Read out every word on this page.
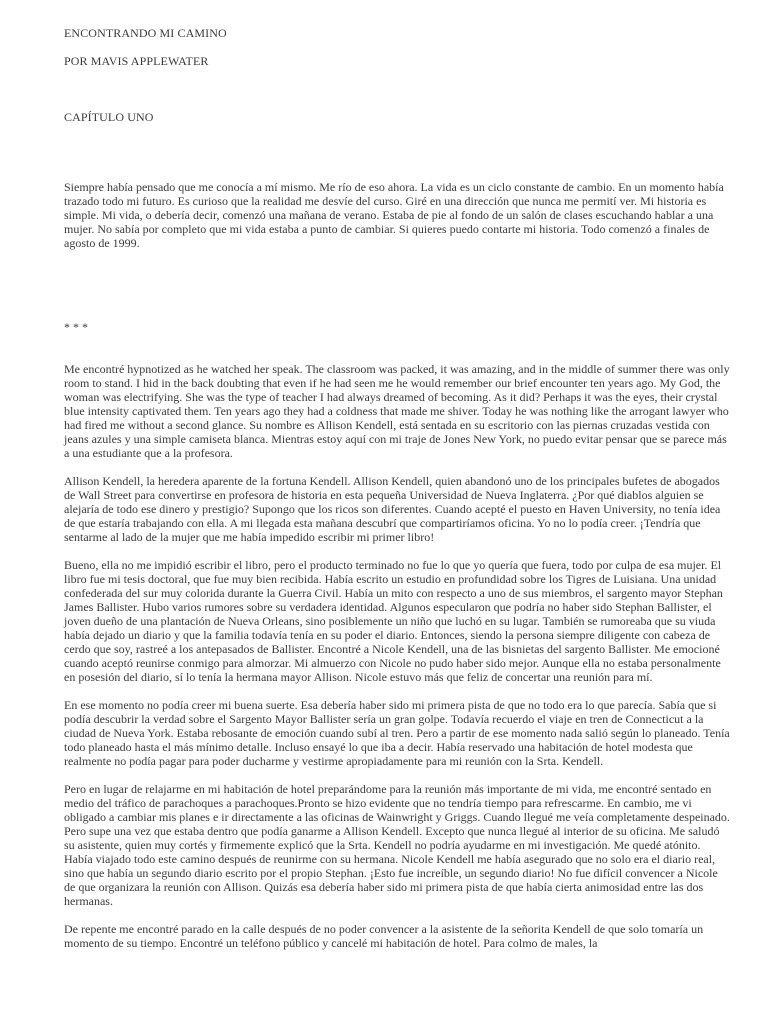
ENCONTRANDO MI CAMINO

POR MAVIS APPLEWATER

CAPÍTULO UNO

Siempre había pensado que me conocía a mí mismo. Me río de eso ahora. La vida es un ciclo constante de cambio. En un momento había trazado todo mi futuro. Es curioso que la realidad me desvíe del curso. Giré en una dirección que nunca me permití ver. Mi historia es simple. Mi vida, o debería decir, comenzó una mañana de verano. Estaba de pie al fondo de un salón de clases escuchando hablar a una mujer. No sabía por completo que mi vida estaba a punto de cambiar. Si quieres puedo contarte mi historia. Todo comenzó a finales de agosto de 1999.

* * *

Me encontré hypnotized as he watched her speak. The classroom was packed, it was amazing, and in the middle of summer there was only room to stand. I hid in the back doubting that even if he had seen me he would remember our brief encounter ten years ago. My God, the woman was electrifying. She was the type of teacher I had always dreamed of becoming. As it did? Perhaps it was the eyes, their crystal blue intensity captivated them. Ten years ago they had a coldness that made me shiver. Today he was nothing like the arrogant lawyer who had fired me without a second glance. Su nombre es Allison Kendell, está sentada en su escritorio con las piernas cruzadas vestida con jeans azules y una simple camiseta blanca. Mientras estoy aquí con mi traje de Jones New York, no puedo evitar pensar que se parece más a una estudiante que a la profesora.

Allison Kendell, la heredera aparente de la fortuna Kendell. Allison Kendell, quien abandonó uno de los principales bufetes de abogados de Wall Street para convertirse en profesora de historia en esta pequeña Universidad de Nueva Inglaterra. ¿Por qué diablos alguien se alejaría de todo ese dinero y prestigio? Supongo que los ricos son diferentes. Cuando acepté el puesto en Haven University, no tenía idea de que estaría trabajando con ella. A mi llegada esta mañana descubrí que compartiríamos oficina. Yo no lo podía creer. ¡Tendría que sentarme al lado de la mujer que me había impedido escribir mi primer libro!

Bueno, ella no me impidió escribir el libro, pero el producto terminado no fue lo que yo quería que fuera, todo por culpa de esa mujer. El libro fue mi tesis doctoral, que fue muy bien recibida. Había escrito un estudio en profundidad sobre los Tigres de Luisiana. Una unidad confederada del sur muy colorida durante la Guerra Civil. Había un mito con respecto a uno de sus miembros, el sargento mayor Stephan James Ballister. Hubo varios rumores sobre su verdadera identidad. Algunos especularon que podría no haber sido Stephan Ballister, el joven dueño de una plantación de Nueva Orleans, sino posiblemente un niño que luchó en su lugar. También se rumoreaba que su viuda había dejado un diario y que la familia todavía tenía en su poder el diario. Entonces, siendo la persona siempre diligente con cabeza de cerdo que soy, rastreé a los antepasados de Ballister. Encontré a Nicole Kendell, una de las bisnietas del sargento Ballister. Me emocioné cuando aceptó reunirse conmigo para almorzar. Mi almuerzo con Nicole no pudo haber sido mejor. Aunque ella no estaba personalmente en posesión del diario, sí lo tenía la hermana mayor Allison. Nicole estuvo más que feliz de concertar una reunión para mí.

En ese momento no podía creer mi buena suerte. Esa debería haber sido mi primera pista de que no todo era lo que parecía. Sabía que si podía descubrir la verdad sobre el Sargento Mayor Ballister sería un gran golpe. Todavía recuerdo el viaje en tren de Connecticut a la ciudad de Nueva York. Estaba rebosante de emoción cuando subí al tren. Pero a partir de ese momento nada salió según lo planeado. Tenía todo planeado hasta el más mínimo detalle. Incluso ensayé lo que iba a decir. Había reservado una habitación de hotel modesta que realmente no podía pagar para poder ducharme y vestirme apropiadamente para mi reunión con la Srta. Kendell.

Pero en lugar de relajarme en mi habitación de hotel preparándome para la reunión más importante de mi vida, me encontré sentado en medio del tráfico de parachoques a parachoques.Pronto se hizo evidente que no tendría tiempo para refrescarme. En cambio, me vi obligado a cambiar mis planes e ir directamente a las oficinas de Wainwright y Griggs. Cuando llegué me veía completamente despeinado. Pero supe una vez que estaba dentro que podía ganarme a Allison Kendell. Excepto que nunca llegué al interior de su oficina. Me saludó su asistente, quien muy cortés y firmemente explicó que la Srta. Kendell no podría ayudarme en mi investigación. Me quedé atónito. Había viajado todo este camino después de reunirme con su hermana. Nicole Kendell me había asegurado que no solo era el diario real, sino que había un segundo diario escrito por el propio Stephan. ¡Esto fue increíble, un segundo diario! No fue difícil convencer a Nicole de que organizara la reunión con Allison. Quizás esa debería haber sido mi primera pista de que había cierta animosidad entre las dos hermanas.

De repente me encontré parado en la calle después de no poder convencer a la asistente de la señorita Kendell de que solo tomaría un momento de su tiempo. Encontré un teléfono público y cancelé mi habitación de hotel. Para colmo de males, la
